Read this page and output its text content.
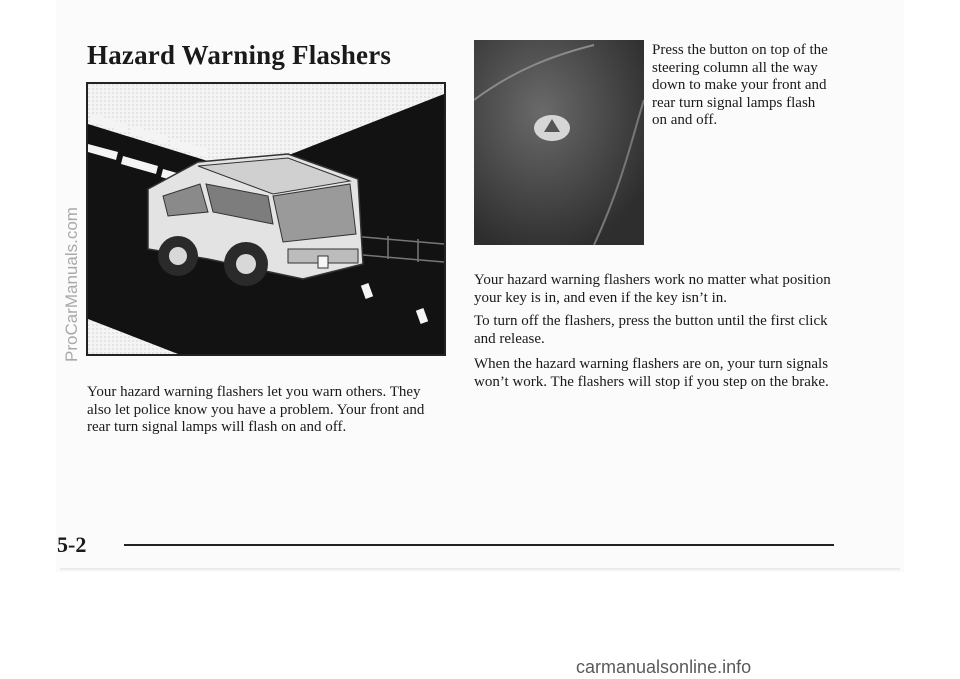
Hazard Warning Flashers	Press the button on top of the steering column all the way down to make your front and rear turn signal lamps flash on and off.

Your hazard warning flashers let you warn others. They also let police know you have a problem. Your front and rear turn signal lamps will flash on and off.

Your hazard warning flashers work no matter what position your key is in, and even if the key isn’t in.

To turn off the flashers, press the button until the first click and release.

When the hazard warning flashers are on, your turn signals won’t work. The flashers will stop if you step on the brake.

5-2

ProCarManuals.com

carmanualsonline.info
